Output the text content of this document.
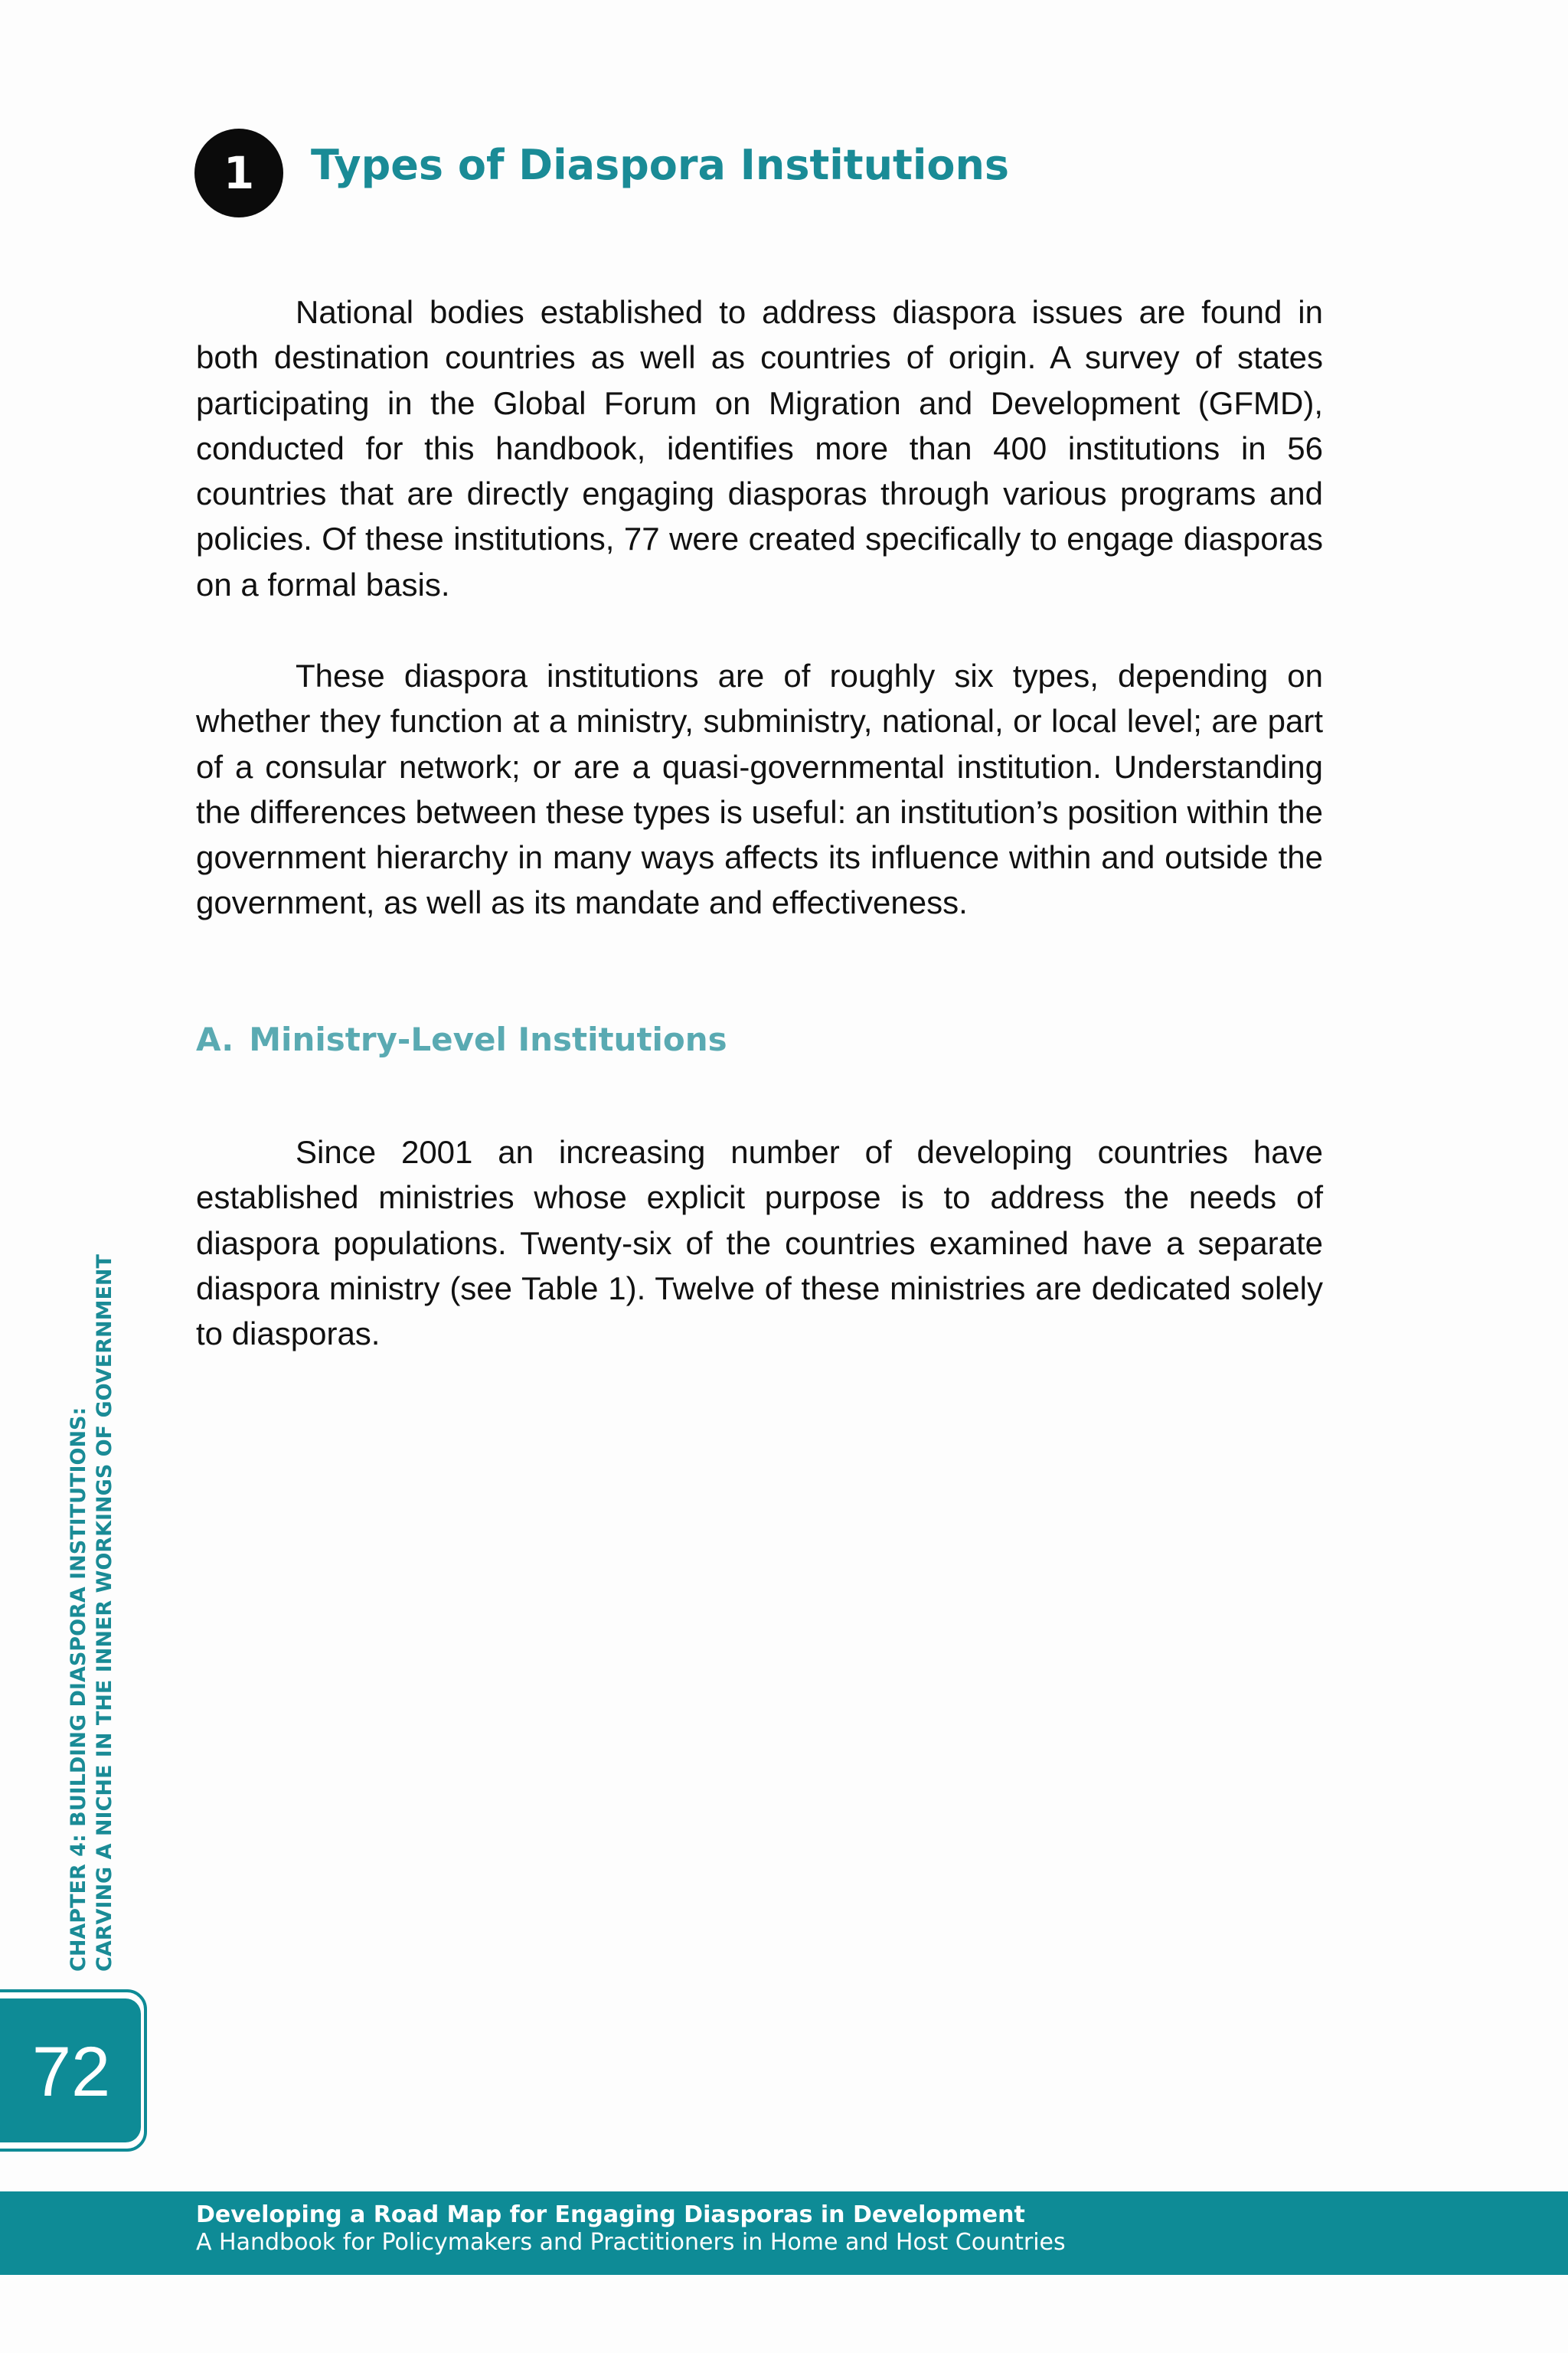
1	Types of Diaspora Institutions

National bodies established to address diaspora issues are found in both destination countries as well as countries of origin. A survey of states participating in the Global Forum on Migration and Development (GFMD), conducted for this handbook, identifies more than 400 institutions in 56 countries that are directly engaging diasporas through various programs and policies. Of these institutions, 77 were created specifically to engage diasporas on a formal basis.

These diaspora institutions are of roughly six types, depending on whether they function at a ministry, subministry, national, or local level; are part of a consular network; or are a quasi-governmental institution. Understanding the differences between these types is useful: an institution’s position within the government hierarchy in many ways affects its influence within and outside the government, as well as its mandate and effectiveness.

A. Ministry-Level Institutions

Since 2001 an increasing number of developing countries have established ministries whose explicit purpose is to address the needs of diaspora populations. Twenty-six of the countries examined have a separate diaspora ministry (see Table 1). Twelve of these ministries are dedicated solely to diasporas.

CHAPTER 4: BUILDING DIASPORA INSTITUTIONS: CARVING A NICHE IN THE INNER WORKINGS OF GOVERNMENT
72
Developing a Road Map for Engaging Diasporas in Development
A Handbook for Policymakers and Practitioners in Home and Host Countries
